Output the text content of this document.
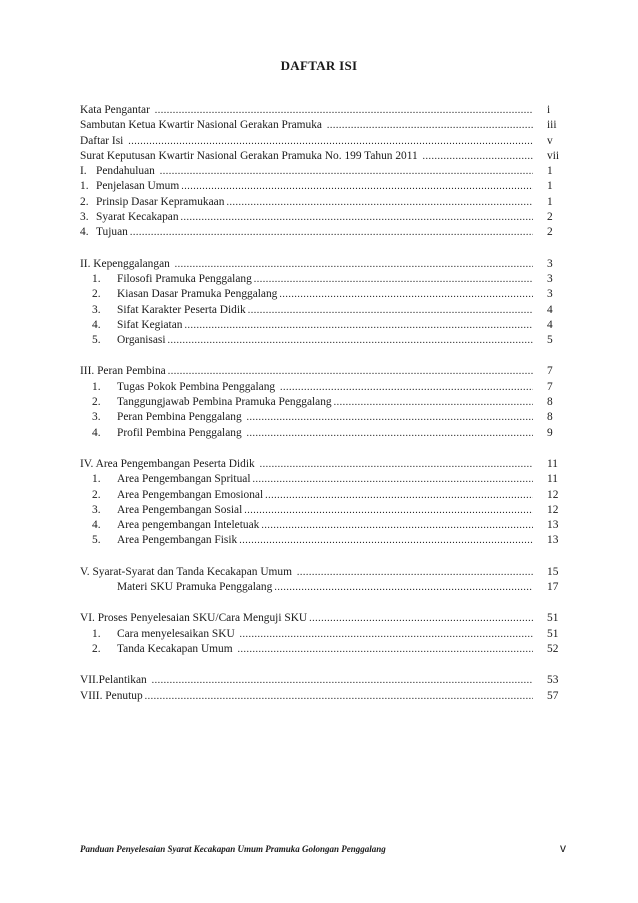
DAFTAR ISI
Kata Pengantar .....	i
Sambutan Ketua Kwartir Nasional Gerakan Pramuka .....	iii
Daftar Isi .....	v
Surat Keputusan Kwartir Nasional Gerakan Pramuka No. 199 Tahun 2011 .....	vii
I. Pendahuluan .....	1
1. Penjelasan Umum .....	1
2. Prinsip Dasar Kepramukaan .....	1
3. Syarat Kecakapan .....	2
4. Tujuan .....	2
II. Kepenggalangan .....	3
1.	Filosofi Pramuka Penggalang .....	3
2.	Kiasan Dasar Pramuka Penggalang .....	3
3.	Sifat Karakter Peserta Didik .....	4
4.	Sifat Kegiatan .....	4
5.	Organisasi .....	5
III. Peran Pembina .....	7
1.	Tugas Pokok Pembina Penggalang .....	7
2.	Tanggungjawab Pembina Pramuka Penggalang .....	8
3.	Peran Pembina Penggalang .....	8
4.	Profil Pembina Penggalang .....	9
IV. Area Pengembangan Peserta Didik .....	11
1.	Area Pengembangan Spritual .....	11
2.	Area Pengembangan Emosional .....	12
3.	Area Pengembangan Sosial .....	12
4.	Area pengembangan Inteletuak .....	13
5.	Area Pengembangan Fisik .....	13
V. Syarat-Syarat dan Tanda Kecakapan Umum .....	15
Materi SKU Pramuka Penggalang .....	17
VI. Proses Penyelesaian SKU/Cara Menguji SKU .....	51
1.	Cara menyelesaikan SKU .....	51
2.	Tanda Kecakapan Umum .....	52
VII.Pelantikan .....	53
VIII. Penutup .....	57
Panduan Penyelesaian Syarat Kecakapan Umum Pramuka Golongan Penggalang	v
